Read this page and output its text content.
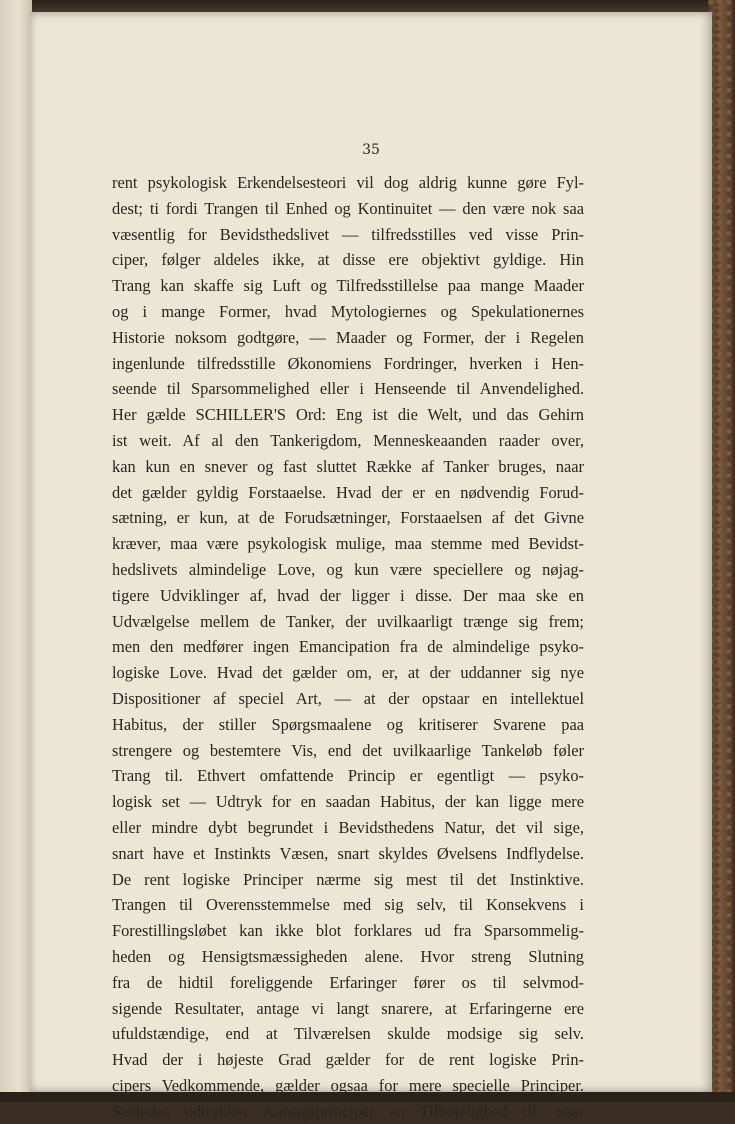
35
rent psykologisk Erkendelsesteori vil dog aldrig kunne gøre Fyl-
dest; ti fordi Trangen til Enhed og Kontinuitet — den være nok saa
væsentlig for Bevidsthedslivet — tilfredsstilles ved visse Prin-
ciper, følger aldeles ikke, at disse ere objektivt gyldige. Hin
Trang kan skaffe sig Luft og Tilfredsstillelse paa mange Maader
og i mange Former, hvad Mytologiernes og Spekulationernes
Historie noksom godtgøre, — Maader og Former, der i Regelen
ingenlunde tilfredsstille Økonomiens Fordringer, hverken i Hen-
seende til Sparsommelighed eller i Henseende til Anvendelighed.
Her gælde SCHILLER'S Ord: Eng ist die Welt, und das Gehirn
ist weit. Af al den Tankerigdom, Menneskeaanden raader over,
kan kun en snever og fast sluttet Række af Tanker bruges, naar
det gælder gyldig Forstaaelse. Hvad der er en nødvendig Forud-
sætning, er kun, at de Forudsætninger, Forstaaelsen af det Givne
kræver, maa være psykologisk mulige, maa stemme med Bevidst-
hedslivets almindelige Love, og kun være speciellere og nøjag-
tigere Udviklinger af, hvad der ligger i disse. Der maa ske en
Udvælgelse mellem de Tanker, der uvilkaarligt trænge sig frem;
men den medfører ingen Emancipation fra de almindelige psyko-
logiske Love. Hvad det gælder om, er, at der uddanner sig nye
Dispositioner af speciel Art, — at der opstaar en intellektuel
Habitus, der stiller Spørgsmaalene og kritiserer Svarene paa
strengere og bestemtere Vis, end det uvilkaarlige Tankeløb føler
Trang til. Ethvert omfattende Princip er egentligt — psyko-
logisk set — Udtryk for en saadan Habitus, der kan ligge mere
eller mindre dybt begrundet i Bevidsthedens Natur, det vil sige,
snart have et Instinkts Væsen, snart skyldes Øvelsens Indflydelse.
De rent logiske Principer nærme sig mest til det Instinktive.
Trangen til Overensstemmelse med sig selv, til Konsekvens i
Forestillingsløbet kan ikke blot forklares ud fra Sparsommelig-
heden og Hensigtsmæssigheden alene. Hvor streng Slutning
fra de hidtil foreliggende Erfaringer fører os til selvmod-
sigende Resultater, antage vi langt snarere, at Erfaringerne ere
ufuldstændige, end at Tilværelsen skulde modsige sig selv.
Hvad der i højeste Grad gælder for de rent logiske Prin-
cipers Vedkommende, gælder ogsaa for mere specielle Principer.
Saaledes udtrykker Aarsagsprincipet en Tilbøjelighed til, naar
